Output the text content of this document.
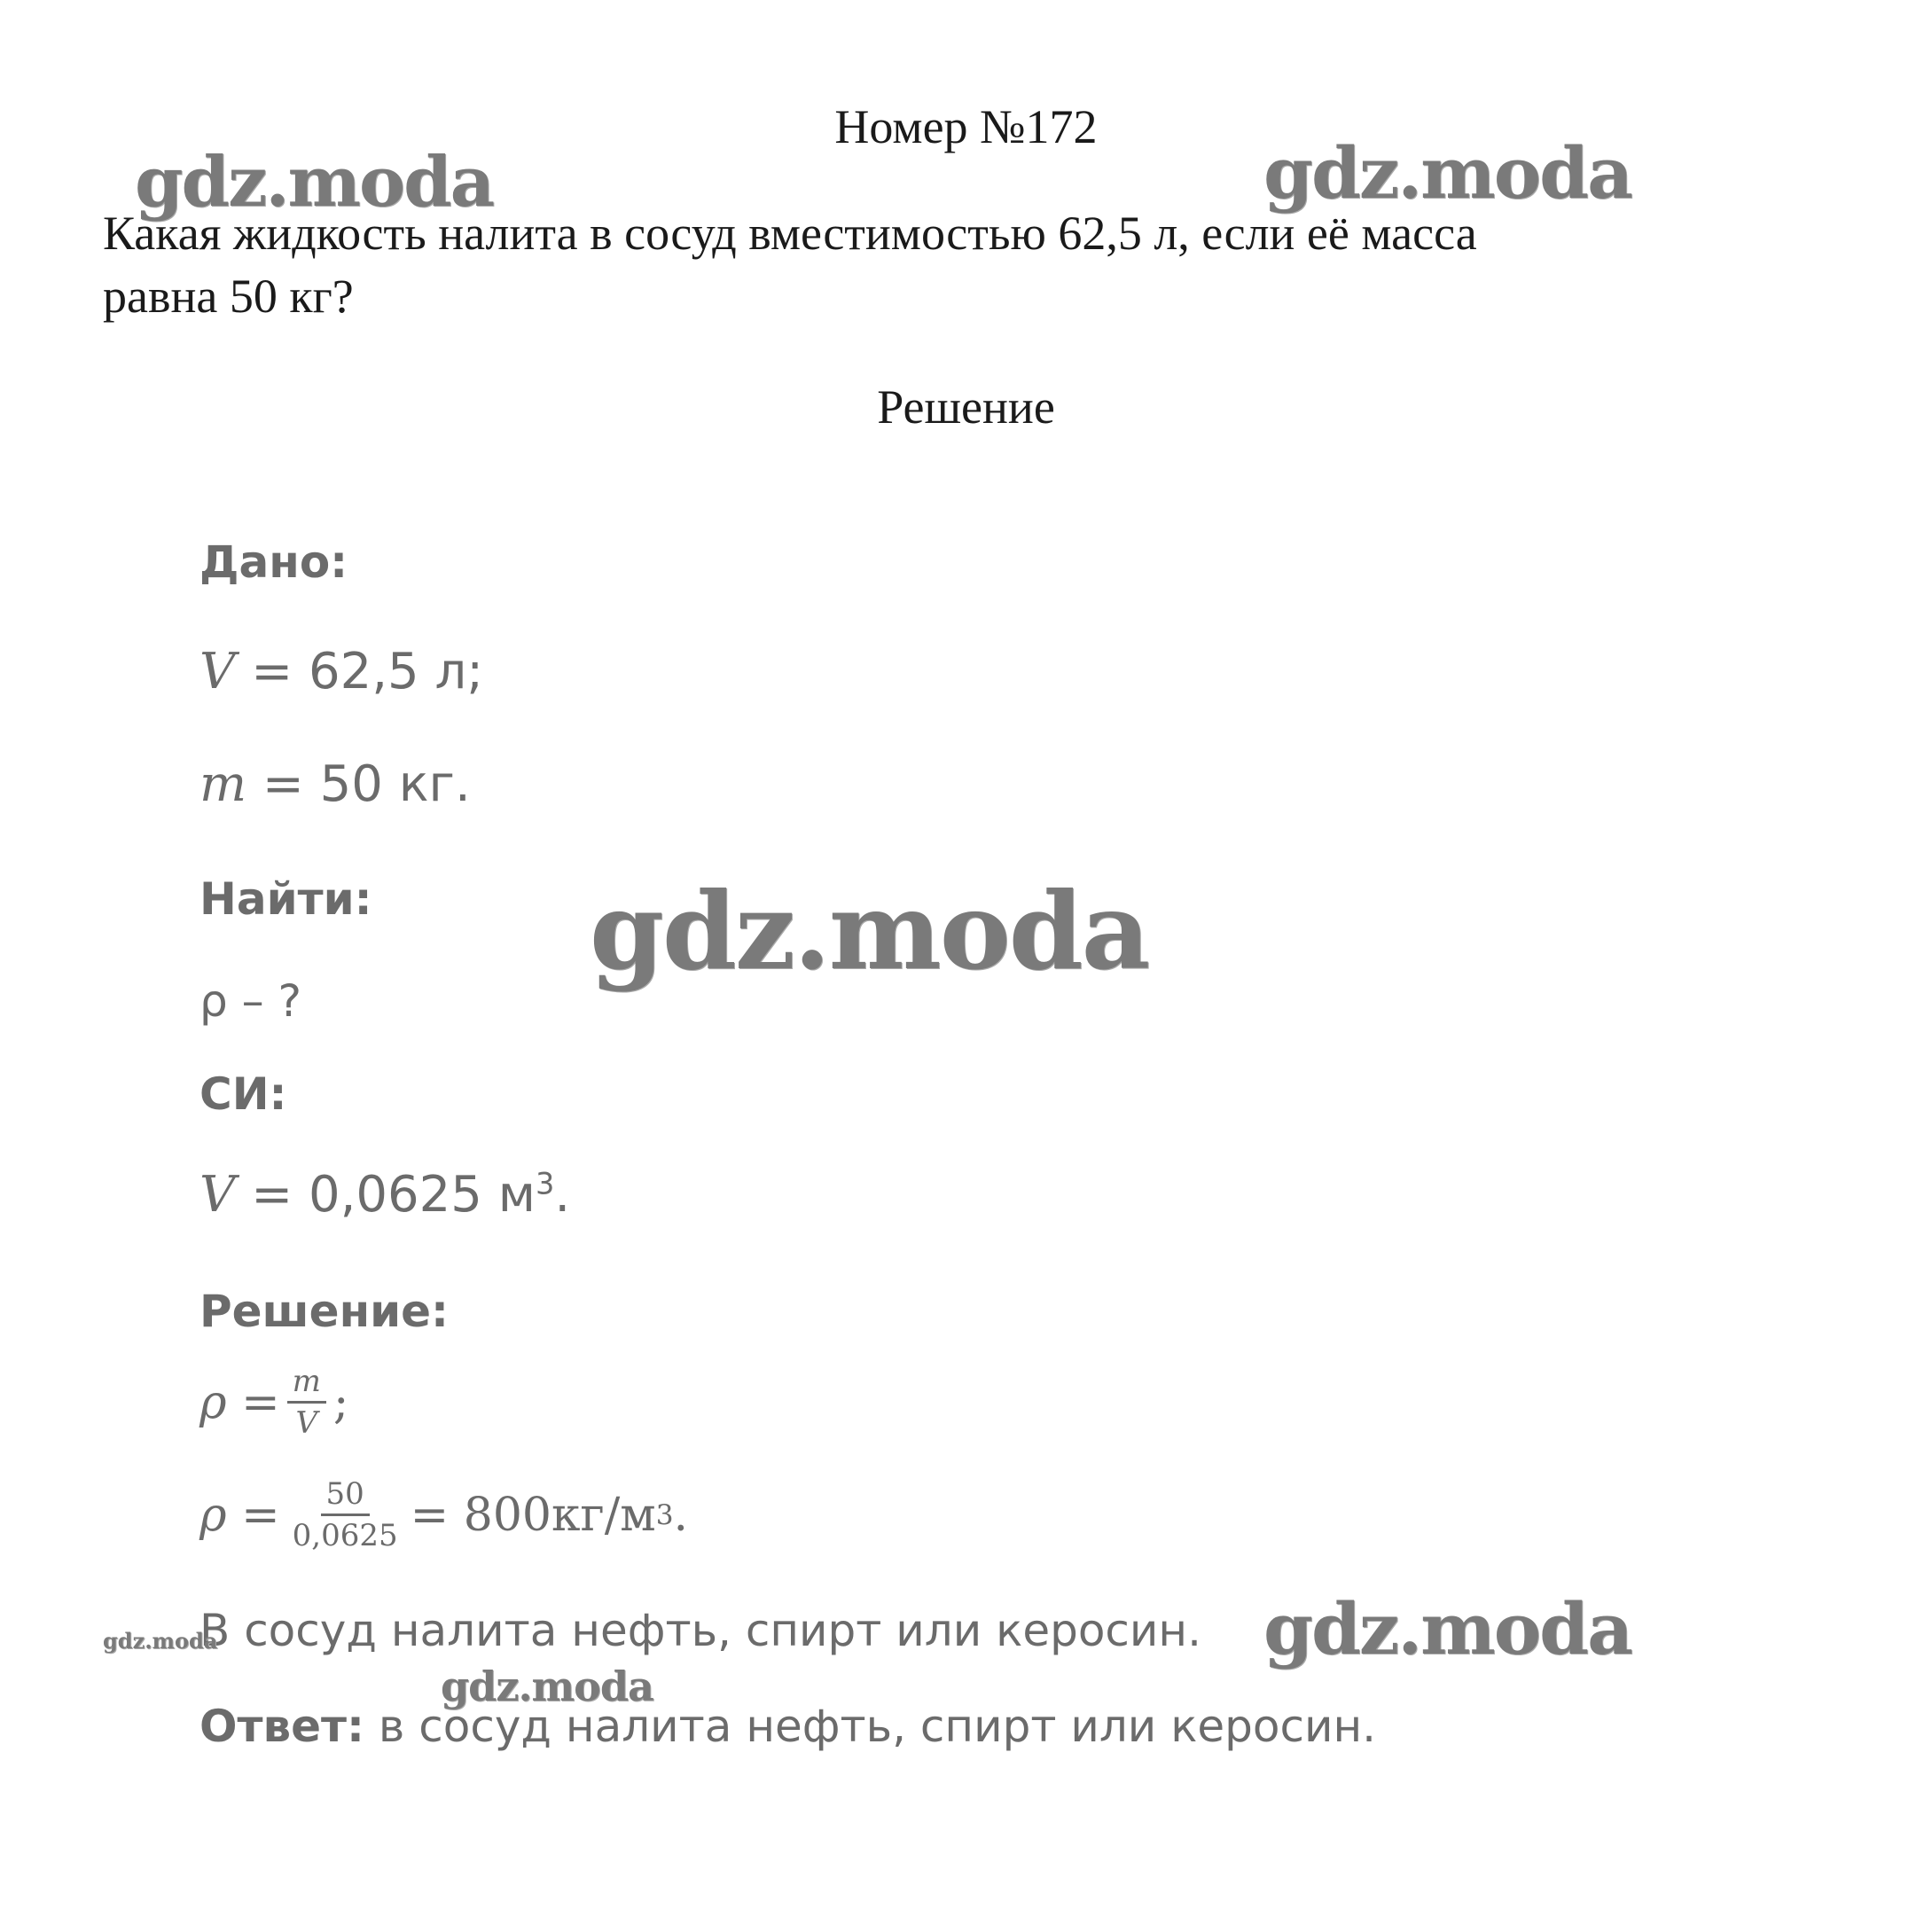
Номер №172
Какая жидкость налита в сосуд вместимостью 62,5 л, если её масса
равна 50 кг?
Решение
Дано:
V = 62,5 л;
m = 50 кг.
Найти:
ρ – ?
СИ:
V = 0,0625 $м^3$.
Решение:
$\rho = \frac{m}{V}$ ;
$\rho = \frac{50}{0,0625} = 800кг/м$ 3 .
В сосуд налита нефть, спирт или керосин.
Ответ: в сосуд налита нефть, спирт или керосин.
gdz.moda	gdz.moda
gdz.moda
gdz.moda
gdz.moda
gdz.moda
